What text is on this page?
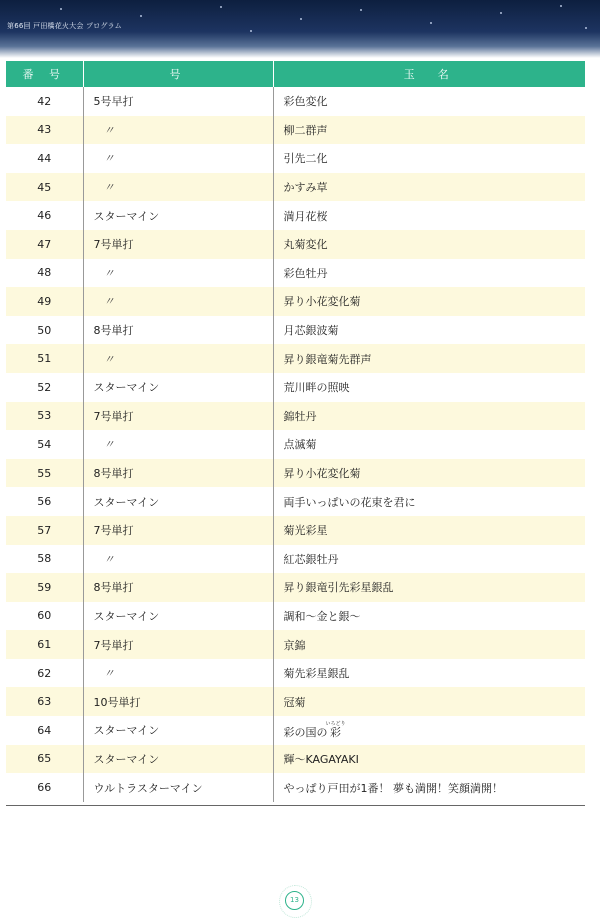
第66回 戸田橋花火大会 プログラム
番 号	号	玉　名
42	5号早打	彩色変化
43	〃	柳二群声
44	〃	引先二化
45	〃	かすみ草
46	スターマイン	満月花桜
47	7号単打	丸菊変化
48	〃	彩色牡丹
49	〃	昇り小花変化菊
50	8号単打	月芯銀波菊
51	〃	昇り銀竜菊先群声
52	スターマイン	荒川畔の照映
53	7号単打	錦牡丹
54	〃	点滅菊
55	8号単打	昇り小花変化菊
56	スターマイン	両手いっぱいの花束を君に
57	7号単打	菊光彩星
58	〃	紅芯銀牡丹
59	8号単打	昇り銀竜引先彩星銀乱
60	スターマイン	調和～金と銀～
61	7号単打	京錦
62	〃	菊先彩星銀乱
63	10号単打	冠菊
64	スターマイン	彩の国の彩いろどり
65	スターマイン	輝～KAGAYAKI
66	ウルトラスターマイン	やっぱり戸田が1番！ 夢も満開！笑顔満開！
13
